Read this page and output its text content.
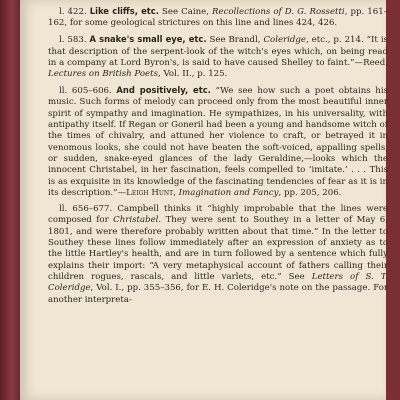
l. 422. Like cliffs, etc. See Caine, Recollections of D. G. Rossetti, pp. 161–162, for some geological strictures on this line and lines 424, 426.

l. 583. A snake's small eye, etc. See Brandl, Coleridge, etc., p. 214. “It is that description of the serpent-look of the witch's eyes which, on being read in a company at Lord Byron's, is said to have caused Shelley to faint.”—Reed, Lectures on British Poets, Vol. II., p. 125.

ll. 605–606. And positively, etc. “We see how such a poet obtains his music. Such forms of melody can proceed only from the most beautiful inner spirit of sympathy and imagination. He sympathizes, in his universality, with antipathy itself. If Regan or Goneril had been a young and handsome witch of the times of chivalry, and attuned her violence to craft, or betrayed it in venomous looks, she could not have beaten the soft-voiced, appalling spells, or sudden, snake-eyed glances of the lady Geraldine,—looks which the innocent Christabel, in her fascination, feels compelled to ‘imitate.’ . . . This is as exquisite in its knowledge of the fascinating tendencies of fear as it is in its description.”—Leigh Hunt, Imagination and Fancy, pp. 205, 206.

ll. 656–677. Campbell thinks it “highly improbable that the lines were composed for Christabel. They were sent to Southey in a letter of May 6, 1801, and were therefore probably written about that time.” In the letter to Southey these lines follow immediately after an expression of anxiety as to the little Hartley's health, and are in turn followed by a sentence which fully explains their import: “A very metaphysical account of fathers calling their children rogues, rascals, and little varlets, etc.” See Letters of S. T. Coleridge, Vol. I., pp. 355–356, for E. H. Coleridge's note on the passage. For another interpreta-
